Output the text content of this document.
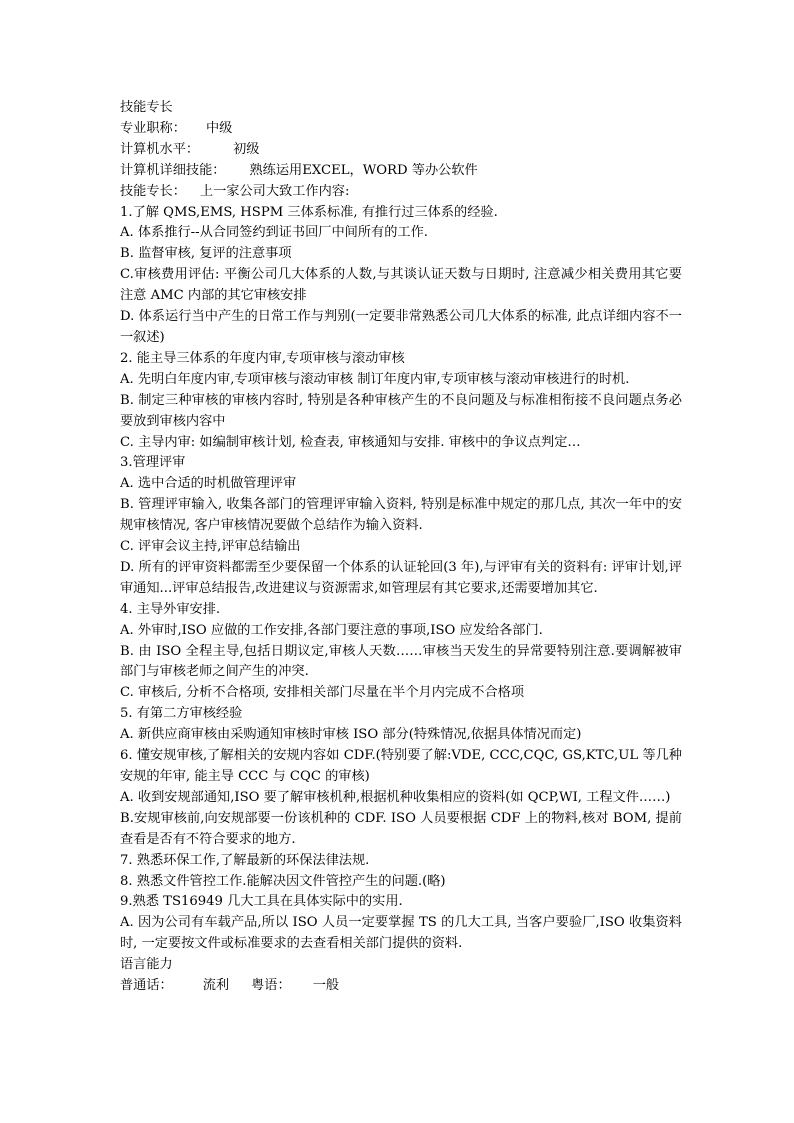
技能专长
专业职称： 中级
计算机水平：	初级
计算机详细技能： 熟练运用EXCEL，WORD 等办公软件
技能专长： 上一家公司大致工作内容:
1.了解 QMS,EMS, HSPM 三体系标准, 有推行过三体系的经验.
A. 体系推行--从合同签约到证书回厂中间所有的工作.
B. 监督审核, 复评的注意事项
C.审核费用评估: 平衡公司几大体系的人数,与其谈认证天数与日期时, 注意减少相关费用其它要注意 AMC 内部的其它审核安排
D. 体系运行当中产生的日常工作与判别(一定要非常熟悉公司几大体系的标准, 此点详细内容不一一叙述)
2. 能主导三体系的年度内审,专项审核与滚动审核
A. 先明白年度内审,专项审核与滚动审核 制订年度内审,专项审核与滚动审核进行的时机.
B. 制定三种审核的审核内容时, 特别是各种审核产生的不良问题及与标准相衔接不良问题点务必要放到审核内容中
C. 主导内审: 如编制审核计划, 检查表, 审核通知与安排. 审核中的争议点判定…
3.管理评审
A. 选中合适的时机做管理评审
B. 管理评审输入, 收集各部门的管理评审输入资料, 特别是标准中规定的那几点, 其次一年中的安规审核情况, 客户审核情况要做个总结作为输入资料.
C. 评审会议主持,评审总结输出
D. 所有的评审资料都需至少要保留一个体系的认证轮回(3 年),与评审有关的资料有: 评审计划,评审通知...评审总结报告,改进建议与资源需求,如管理层有其它要求,还需要增加其它.
4. 主导外审安排.
A. 外审时,ISO 应做的工作安排,各部门要注意的事项,ISO 应发给各部门.
B. 由 ISO 全程主导,包括日期议定,审核人天数……审核当天发生的异常要特别注意.要调解被审部门与审核老师之间产生的冲突.
C. 审核后, 分析不合格项, 安排相关部门尽量在半个月内完成不合格项
5. 有第二方审核经验
A. 新供应商审核由采购通知审核时审核 ISO 部分(特殊情况,依据具体情况而定)
6. 懂安规审核,了解相关的安规内容如 CDF.(特别要了解:VDE, CCC,CQC, GS,KTC,UL 等几种安规的年审, 能主导 CCC 与 CQC 的审核)
A. 收到安规部通知,ISO 要了解审核机种,根据机种收集相应的资料(如 QCP,WI, 工程文件……)
B.安规审核前,向安规部要一份该机种的 CDF. ISO 人员要根据 CDF 上的物料,核对 BOM, 提前查看是否有不符合要求的地方.
7. 熟悉环保工作,了解最新的环保法律法规.
8. 熟悉文件管控工作.能解决因文件管控产生的问题.(略)
9.熟悉 TS16949 几大工具在具体实际中的实用.
A. 因为公司有车载产品,所以 ISO 人员一定要掌握 TS 的几大工具, 当客户要验厂,ISO 收集资料时, 一定要按文件或标准要求的去查看相关部门提供的资料.
语言能力
普通话： 流利 粤语： 一般
